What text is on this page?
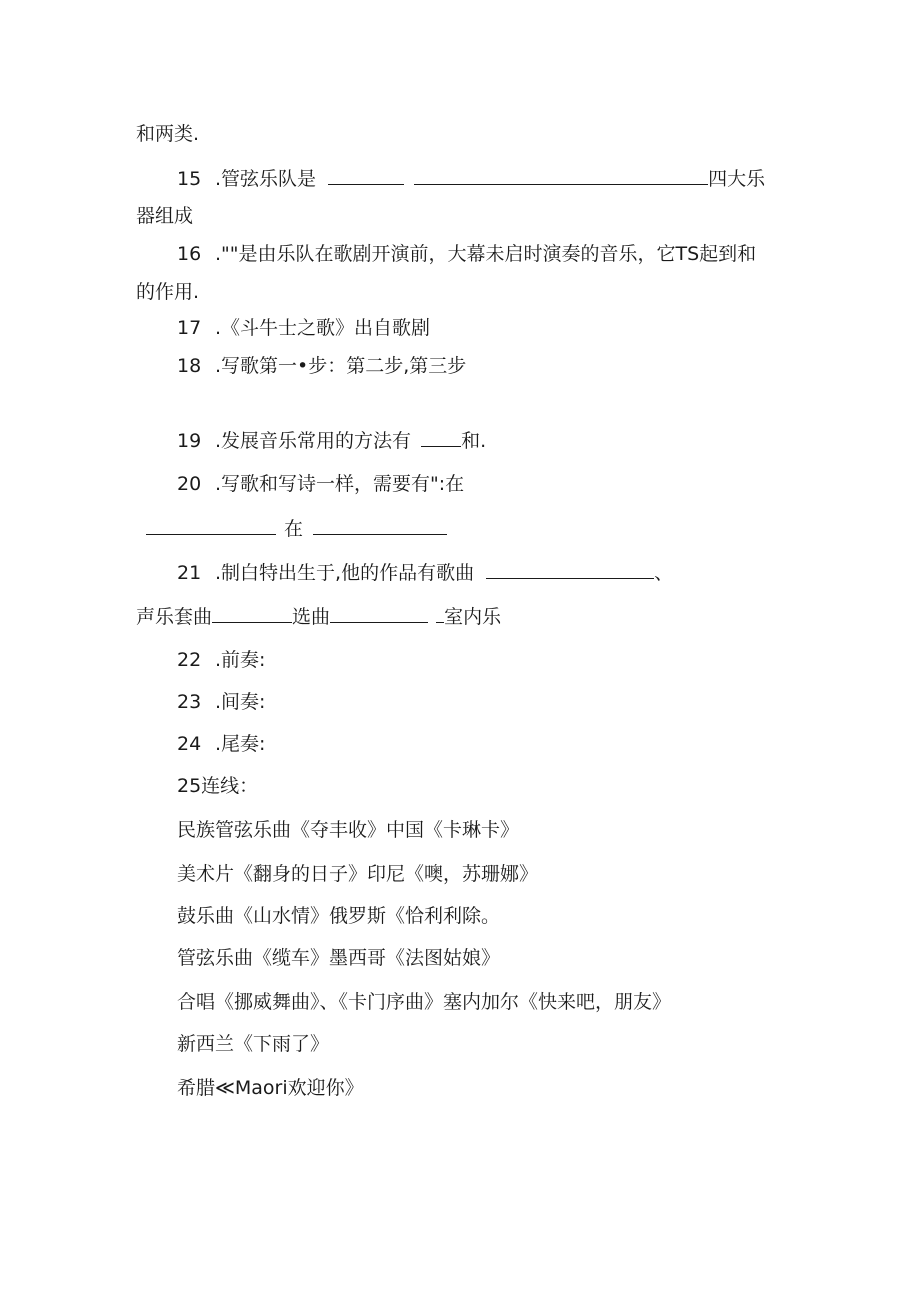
和两类.
15 .管弦乐队是	四大乐
器组成
16 .""是由乐队在歌剧开演前，大幕未启时演奏的音乐，它TS起到和
的作用.
17 .《斗牛士之歌》出自歌剧
18 .写歌第一•步：第二步,第三步
19 .发展音乐常用的方法有	和.
20 .写歌和写诗一样，需要有":在
在
21 .制白特出生于,他的作品有歌曲	、
声乐套曲	选曲	室内乐
22 .前奏:
23 .间奏:
24 .尾奏:
25连线：
民族管弦乐曲《夺丰收》中国《卡琳卡》
美术片《翻身的日子》印尼《噢，苏珊娜》
鼓乐曲《山水情》俄罗斯《恰利利除。
管弦乐曲《缆车》墨西哥《法图姑娘》
合唱《挪威舞曲》、《卡门序曲》塞内加尔《快来吧，朋友》
新西兰《下雨了》
希腊≪Maori欢迎你》
